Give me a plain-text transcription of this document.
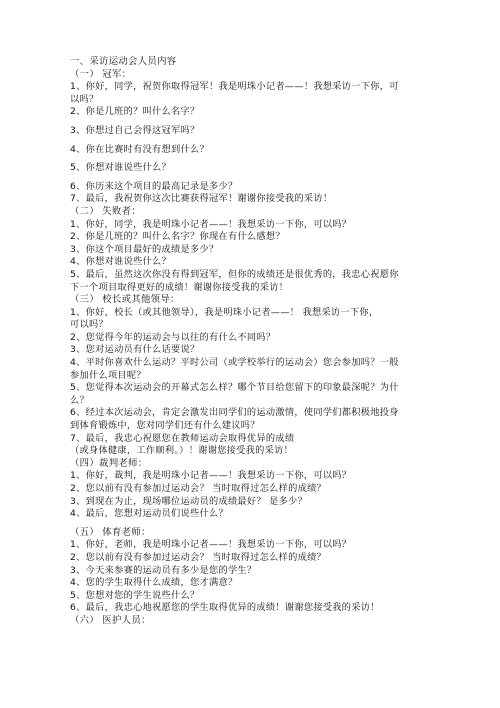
一、采访运动会人员内容
（一） 冠军：
1、你好，同学，祝贺你取得冠军！我是明珠小记者——！我想采访一下你，可
以吗？
2、你是几班的？叫什么名字？
3、你想过自己会得这冠军吗？
4、你在比赛时有没有想到什么？
5、你想对谁说些什么？
6、你历来这个项目的最高记录是多少？
7、最后，我祝贺你这次比赛获得冠军！谢谢你接受我的采访！
（二） 失败者：
1、你好，同学，我是明珠小记者——！我想采访一下你，可以吗？
2、你是几班的？叫什么名字？你现在有什么感想？
3、你这个项目最好的成绩是多少？
4、你想对谁说些什么？
5、最后，虽然这次你没有得到冠军，但你的成绩还是很优秀的，我忠心祝愿你
下一个项目取得更好的成绩！谢谢你接受我的采访！
（三） 校长或其他领导：
1、你好，校长（或其他领导），我是明珠小记者——！ 我想采访一下你，
可以吗？
2、您觉得今年的运动会与以往的有什么不同吗？
3、您对运动员有什么话要说？
4、平时你喜欢什么运动？平时公司（或学校举行的运动会）您会参加吗？一般
参加什么项目呢？
5、您觉得本次运动会的开幕式怎么样？哪个节目给您留下的印象最深呢？为什
么？
6、经过本次运动会，肯定会激发出同学们的运动激情，使同学们都积极地投身
到体育锻炼中，您对同学们还有什么建议吗？
7、最后，我忠心祝愿您在教师运动会取得优异的成绩
（或身体健康，工作顺利。）！谢谢您接受我的采访！
（四）裁判老师：
1、你好，裁判，我是明珠小记者——！我想采访一下你，可以吗？
2、您以前有没有参加过运动会？ 当时取得过怎么样的成绩？
3、到现在为止，现场哪位运动员的成绩最好？ 是多少？
4、最后，您想对运动员们说些什么？
（五） 体育老师：
1、你好，老师，我是明珠小记者——！我想采访一下你，可以吗？
2、您以前有没有参加过运动会？ 当时取得过怎么样的成绩？
3、今天来参赛的运动员有多少是您的学生？
4、您的学生取得什么成绩，您才满意？
5、您想对您的学生说些什么？
6、最后，我忠心地祝愿您的学生取得优异的成绩！谢谢您接受我的采访！
（六） 医护人员：
